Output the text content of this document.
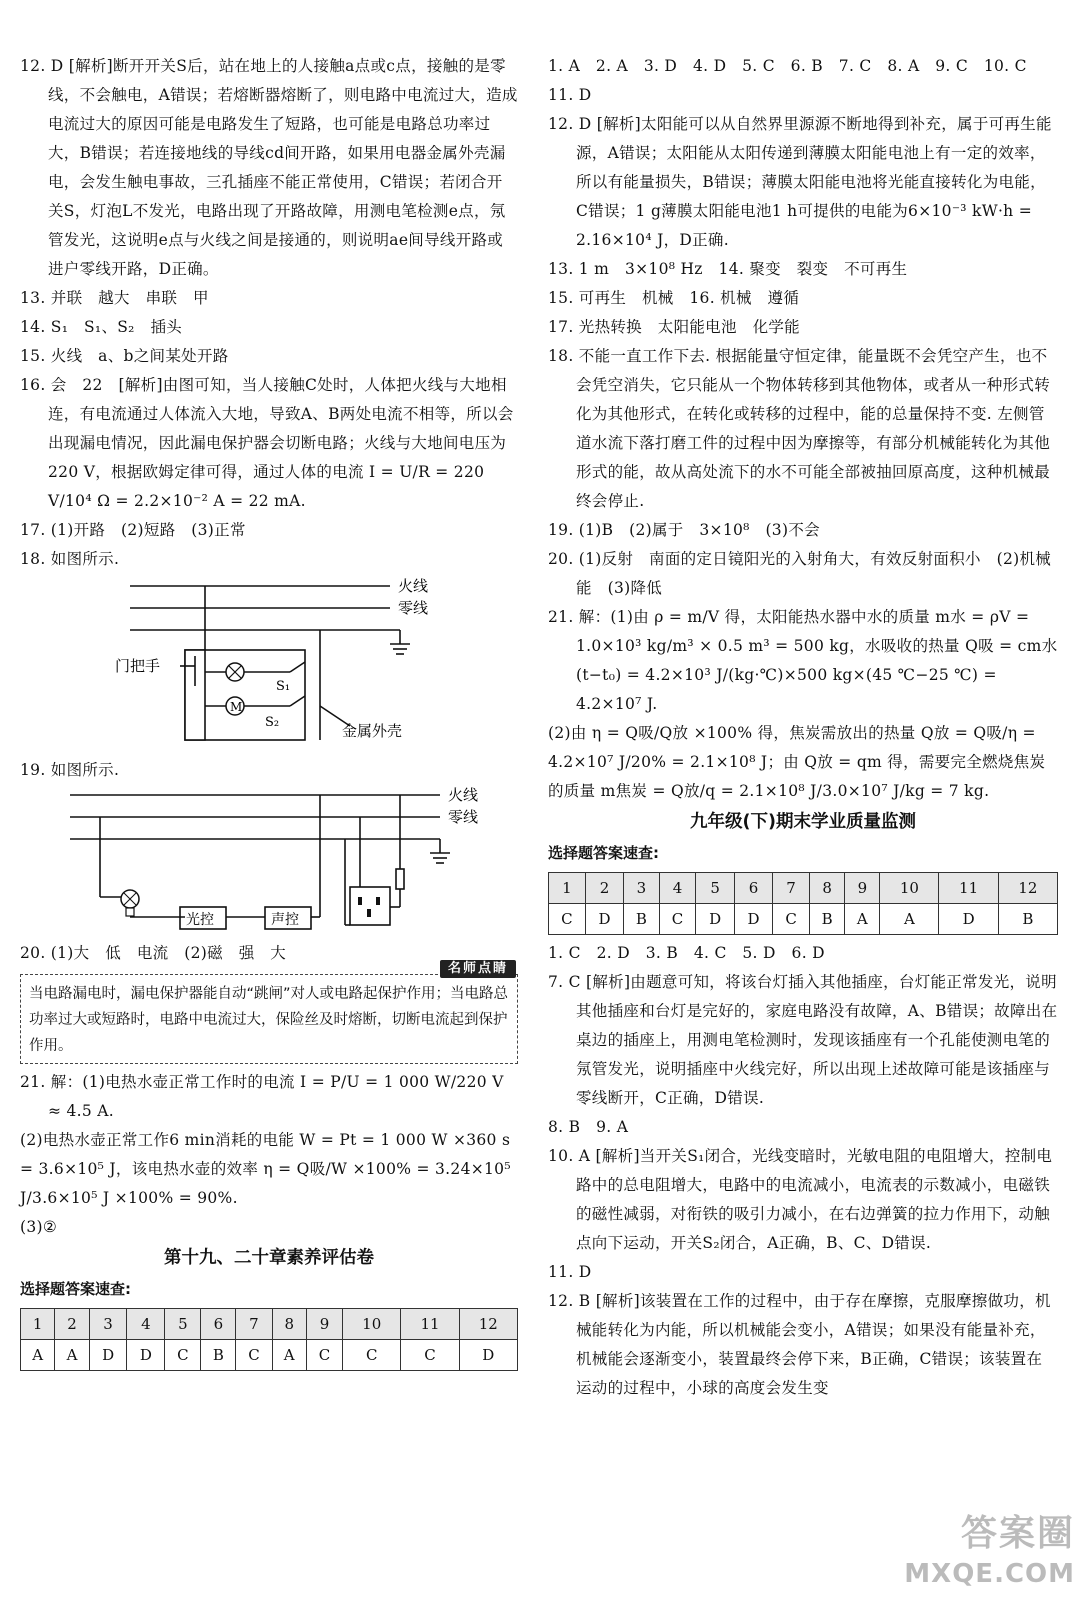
12. D [解析]断开开关S后，站在地上的人接触a点或c点，接触的是零线，不会触电，A错误；若熔断器熔断了，则电路中电流过大，造成电流过大的原因可能是电路发生了短路，也可能是电路总功率过大，B错误；若连接地线的导线cd间开路，如果用电器金属外壳漏电，会发生触电事故，三孔插座不能正常使用，C错误；若闭合开关S，灯泡L不发光，电路出现了开路故障，用测电笔检测e点，氖管发光，这说明e点与火线之间是接通的，则说明ae间导线开路或进户零线开路，D正确。

13. 并联　越大　串联　甲

14. S₁　S₁、S₂　插头

15. 火线　a、b之间某处开路

16. 会　22　[解析]由图可知，当人接触C处时，人体把火线与大地相连，有电流通过人体流入大地，导致A、B两处电流不相等，所以会出现漏电情况，因此漏电保护器会切断电路；火线与大地间电压为220 V，根据欧姆定律可得，通过人体的电流 I = U/R = 220 V/10⁴ Ω = 2.2×10⁻² A = 22 mA.

17. (1)开路　(2)短路　(3)正常

18. 如图所示.

M
火线
零线
门把手
S₁
S₂	金属外壳

19. 如图所示.

火线
零线
光控	声控

20. (1)大　低　电流　(2)磁　强　大

名师点睛
当电路漏电时，漏电保护器能自动“跳闸”对人或电路起保护作用；当电路总功率过大或短路时，电路中电流过大，保险丝及时熔断，切断电流起到保护作用。

21. 解：(1)电热水壶正常工作时的电流 I = P/U = 1 000 W/220 V ≈ 4.5 A.

(2)电热水壶正常工作6 min消耗的电能 W = Pt = 1 000 W ×360 s = 3.6×10⁵ J，该电热水壶的效率 η = Q吸/W ×100% = 3.24×10⁵ J/3.6×10⁵ J ×100% = 90%.

(3)②

第十九、二十章素养评估卷
选择题答案速查:
1	2	3	4	5	6	7	8	9	10	11	12
A	A	D	D	C	B	C	A	C	C	C	D

1. A　2. A　3. D　4. D　5. C　6. B　7. C　8. A　9. C　10. C

11. D

12. D [解析]太阳能可以从自然界里源源不断地得到补充，属于可再生能源，A错误；太阳能从太阳传递到薄膜太阳能电池上有一定的效率，所以有能量损失，B错误；薄膜太阳能电池将光能直接转化为电能，C错误；1 g薄膜太阳能电池1 h可提供的电能为6×10⁻³ kW·h = 2.16×10⁴ J，D正确.

13. 1 m　3×10⁸ Hz　14. 聚变　裂变　不可再生

15. 可再生　机械　16. 机械　遵循

17. 光热转换　太阳能电池　化学能

18. 不能一直工作下去. 根据能量守恒定律，能量既不会凭空产生，也不会凭空消失，它只能从一个物体转移到其他物体，或者从一种形式转化为其他形式，在转化或转移的过程中，能的总量保持不变. 左侧管道水流下落打磨工件的过程中因为摩擦等，有部分机械能转化为其他形式的能，故从高处流下的水不可能全部被抽回原高度，这种机械最终会停止.

19. (1)B　(2)属于　3×10⁸　(3)不会

20. (1)反射　南面的定日镜阳光的入射角大，有效反射面积小　(2)机械能　(3)降低

21. 解：(1)由 ρ = m/V 得，太阳能热水器中水的质量 m水 = ρV = 1.0×10³ kg/m³ × 0.5 m³ = 500 kg，水吸收的热量 Q吸 = cm水(t−t₀) = 4.2×10³ J/(kg·℃)×500 kg×(45 ℃−25 ℃) = 4.2×10⁷ J.

(2)由 η = Q吸/Q放 ×100% 得，焦炭需放出的热量 Q放 = Q吸/η = 4.2×10⁷ J/20% = 2.1×10⁸ J；由 Q放 = qm 得，需要完全燃烧焦炭的质量 m焦炭 = Q放/q = 2.1×10⁸ J/3.0×10⁷ J/kg = 7 kg.

九年级(下)期末学业质量监测
选择题答案速查:
1	2	3	4	5	6	7	8	9	10	11	12
C	D	B	C	D	D	C	B	A	A	D	B

1. C　2. D　3. B　4. C　5. D　6. D

7. C [解析]由题意可知，将该台灯插入其他插座，台灯能正常发光，说明其他插座和台灯是完好的，家庭电路没有故障，A、B错误；故障出在桌边的插座上，用测电笔检测时，发现该插座有一个孔能使测电笔的氖管发光，说明插座中火线完好，所以出现上述故障可能是该插座与零线断开，C正确，D错误.

8. B　9. A

10. A [解析]当开关S₁闭合，光线变暗时，光敏电阻的电阻增大，控制电路中的总电阻增大，电路中的电流减小，电流表的示数减小，电磁铁的磁性减弱，对衔铁的吸引力减小，在右边弹簧的拉力作用下，动触点向下运动，开关S₂闭合，A正确，B、C、D错误.

11. D

12. B [解析]该装置在工作的过程中，由于存在摩擦，克服摩擦做功，机械能转化为内能，所以机械能会变小，A错误；如果没有能量补充，机械能会逐渐变小，装置最终会停下来，B正确，C错误；该装置在运动的过程中，小球的高度会发生变

答案圈
MXQE.COM
